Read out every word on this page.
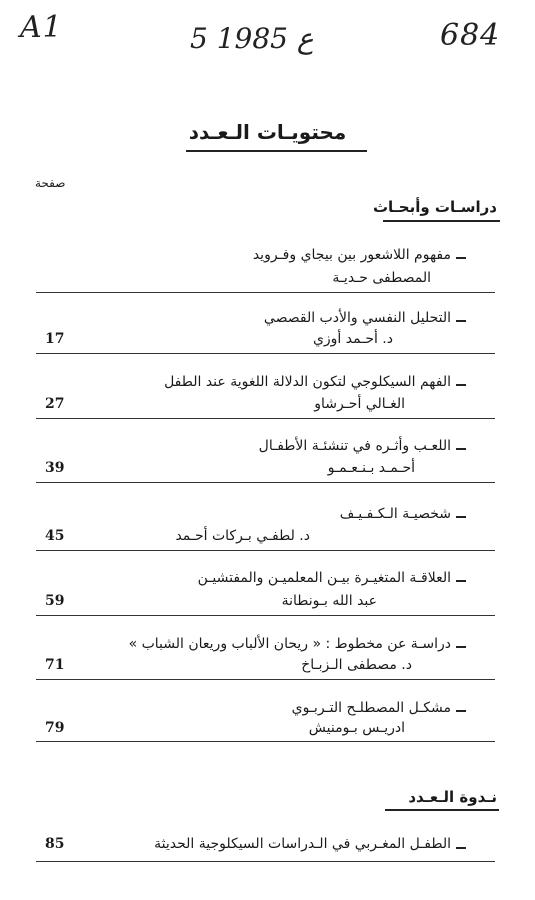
A1	5 ع 1985	684
محتويـات الـعـدد
صفحة
دراسـات وأبحـاث
مفهوم اللاشعور بين بيجاي وفـرويد
المصطفى حـديـة
التحليل النفسي والأدب القصصي
د. أحـمد أوزي
17
الفهم السيكلوجي لتكون الدلالة اللغوية عند الطفل
الغـالي أحـرشاو
27
اللعـب وأثـره في تنشئـة الأطفـال
أحـمـد بـنـعـمـو
39
شخصيـة الـكـفـيـف
د. لطفـي بـركات أحـمد
45
العلاقـة المتغيـرة بيـن المعلميـن والمفتشيـن
عبد الله بـونطانة
59
دراسـة عن مخطوط : « ريحان الألباب وريعان الشباب »
د. مصطفى الـزبـاخ
71
مشكـل المصطلـح التـربـوي
ادريـس بـومنيش
79
نـدوة الـعـدد
الطفـل المغـربي في الـدراسات السيكلوجية الحديثة
85
